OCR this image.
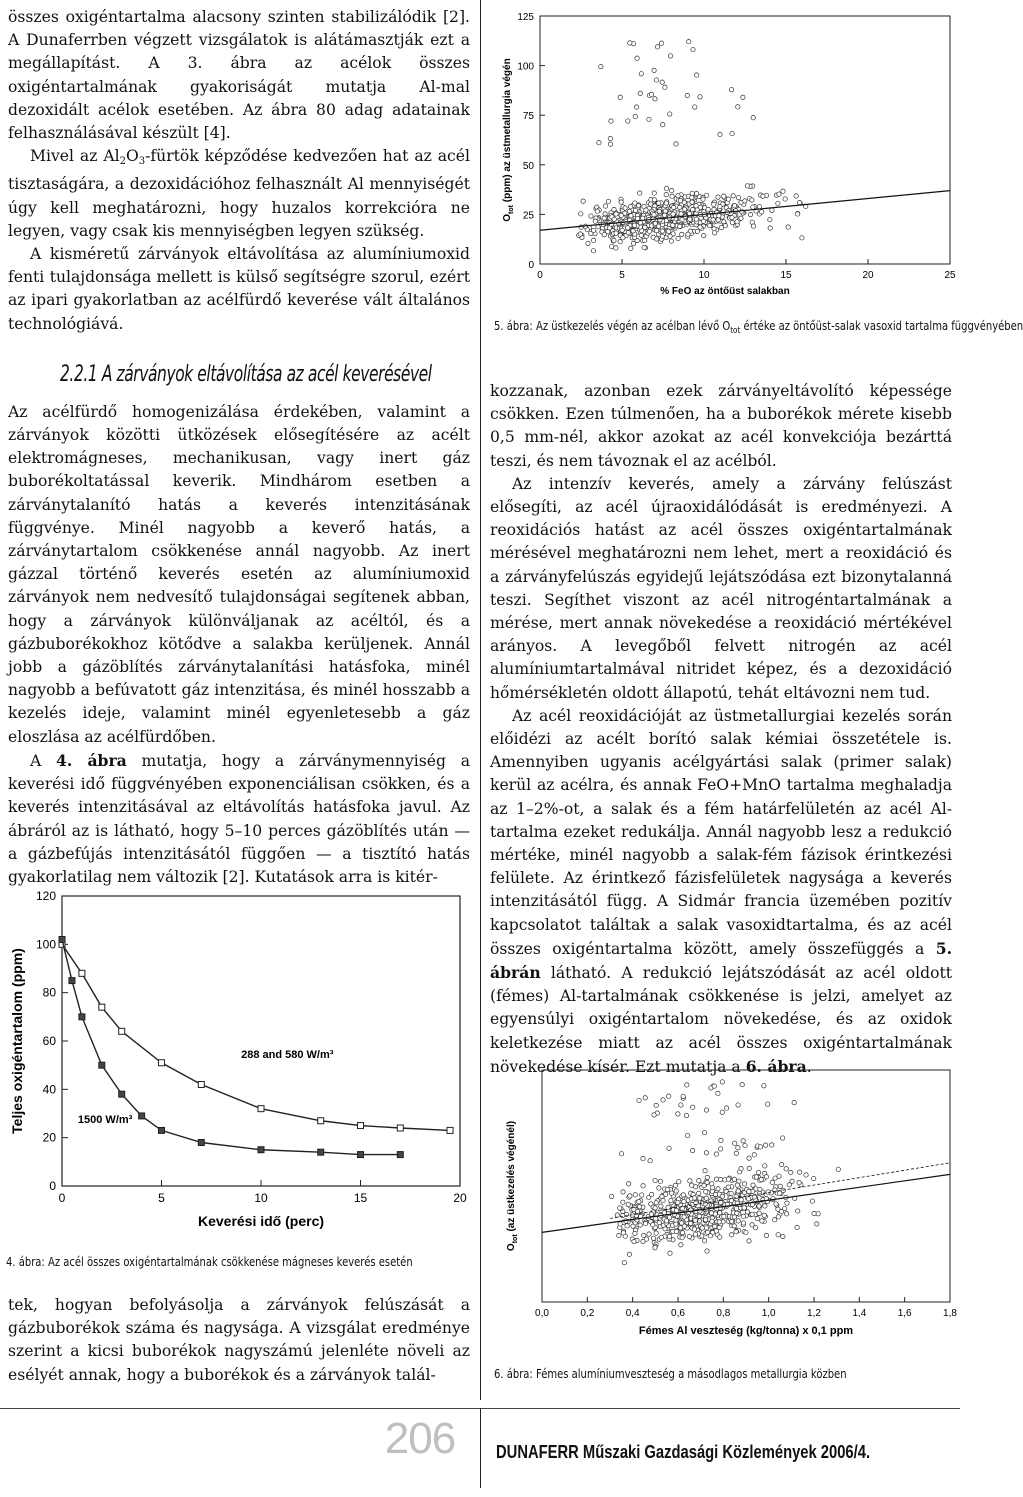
összes oxigéntartalma alacsony szinten stabilizálódik [2]. A Dunaferrben végzett vizsgálatok is alátámasztják ezt a megállapítást. A 3. ábra az acélok összes oxigéntartalmának gyakoriságát mutatja Al-mal dezoxidált acélok esetében. Az ábra 80 adag adatainak felhasználásával készült [4].

Mivel az $Al_2O_3$-fürtök képződése kedvezően hat az acél tisztaságára, a dezoxidációhoz felhasznált Al mennyiségét úgy kell meghatározni, hogy huzalos korrekcióra ne legyen, vagy csak kis mennyiségben legyen szükség.

A kisméretű zárványok eltávolítása az alumíniumoxid fenti tulajdonsága mellett is külső segítségre szorul, ezért az ipari gyakorlatban az acélfürdő keverése vált általános technológiává.

2.2.1 A zárványok eltávolítása az acél keverésével

Az acélfürdő homogenizálása érdekében, valamint a zárványok közötti ütközések elősegítésére az acélt elektromágneses, mechanikusan, vagy inert gáz buborékoltatással keverik. Mindhárom esetben a zárványtalanító hatás a keverés intenzitásának függvénye. Minél nagyobb a keverő hatás, a zárványtartalom csökkenése annál nagyobb. Az inert gázzal történő keverés esetén az alumíniumoxid zárványok nem nedvesítő tulajdonságai segítenek abban, hogy a zárványok különváljanak az acéltól, és a gázbuborékokhoz kötődve a salakba kerüljenek. Annál jobb a gázöblítés zárványtalanítási hatásfoka, minél nagyobb a befúvatott gáz intenzitása, és minél hosszabb a kezelés ideje, valamint minél egyenletesebb a gáz eloszlása az acélfürdőben.

A 4. ábra mutatja, hogy a zárványmennyiség a keverési idő függvényében exponenciálisan csökken, és a keverés intenzitásával az eltávolítás hatásfoka javul. Az ábráról az is látható, hogy 5–10 perces gázöblítés után — a gázbefújás intenzitásától függően — a tisztító hatás gyakorlatilag nem változik [2]. Kutatások arra is kitér-

0
20
40
60
80
100
120
0	5	10	15	20
Keverési idő (perc)
Teljes oxigéntartalom (ppm)	288 and 580 W/m³
1500 W/m³
4. ábra: Az acél összes oxigéntartalmának csökkenése mágneses keverés esetén

tek, hogyan befolyásolja a zárványok felúszását a gázbuborékok száma és nagysága. A vizsgálat eredménye szerint a kicsi buborékok nagyszámú jelenléte növeli az esélyét annak, hogy a buborékok és a zárványok talál-

0
25
50
75
100
125
0	5	10	15	20	25
% FeO az öntőüst salakban
$O_{tot}$ (ppm) az üstmetallurgia végén
5. ábra: Az üstkezelés végén az acélban lévő $O_{tot}$ értéke az öntőüst-salak vasoxid tartalma függvényében

kozzanak, azonban ezek zárványeltávolító képessége csökken. Ezen túlmenően, ha a buborékok mérete kisebb 0,5 mm-nél, akkor azokat az acél konvekciója bezárttá teszi, és nem távoznak el az acélból.

Az intenzív keverés, amely a zárvány felúszást elősegíti, az acél újraoxidálódását is eredményezi. A reoxidációs hatást az acél összes oxigéntartalmának mérésével meghatározni nem lehet, mert a reoxidáció és a zárványfelúszás egyidejű lejátszódása ezt bizonytalanná teszi. Segíthet viszont az acél nitrogéntartalmának a mérése, mert annak növekedése a reoxidáció mértékével arányos. A levegőből felvett nitrogén az acél alumíniumtartalmával nitridet képez, és a dezoxidáció hőmérsékletén oldott állapotú, tehát eltávozni nem tud.

Az acél reoxidációját az üstmetallurgiai kezelés során előidézi az acélt borító salak kémiai összetétele is. Amennyiben ugyanis acélgyártási salak (primer salak) kerül az acélra, és annak FeO+MnO tartalma meghaladja az 1–2%-ot, a salak és a fém határfelületén az acél Al-tartalma ezeket redukálja. Annál nagyobb lesz a redukció mértéke, minél nagyobb a salak-fém fázisok érintkezési felülete. Az érintkező fázisfelületek nagysága a keverés intenzitásától függ. A Sidmár francia üzemében pozitív kapcsolatot találtak a salak vasoxidtartalma, és az acél összes oxigéntartalma között, amely összefüggés a 5. ábrán látható. A redukció lejátszódását az acél oldott (fémes) Al-tartalmának csökkenése is jelzi, amelyet az egyensúlyi oxigéntartalom növekedése, és az oxidok keletkezése miatt az acél összes oxigéntartalmának növekedése kísér. Ezt mutatja a 6. ábra.

0,0	0,2	0,4	0,6	0,8	1,0	1,2	1,4	1,6	1,8
Fémes Al veszteség (kg/tonna) x 0,1 ppm
$O_{tot}$ (az üstkezelés végénél)
6. ábra: Fémes alumíniumveszteség a másodlagos metallurgia közben
206	DUNAFERR Műszaki Gazdasági Közlemények 2006/4.
